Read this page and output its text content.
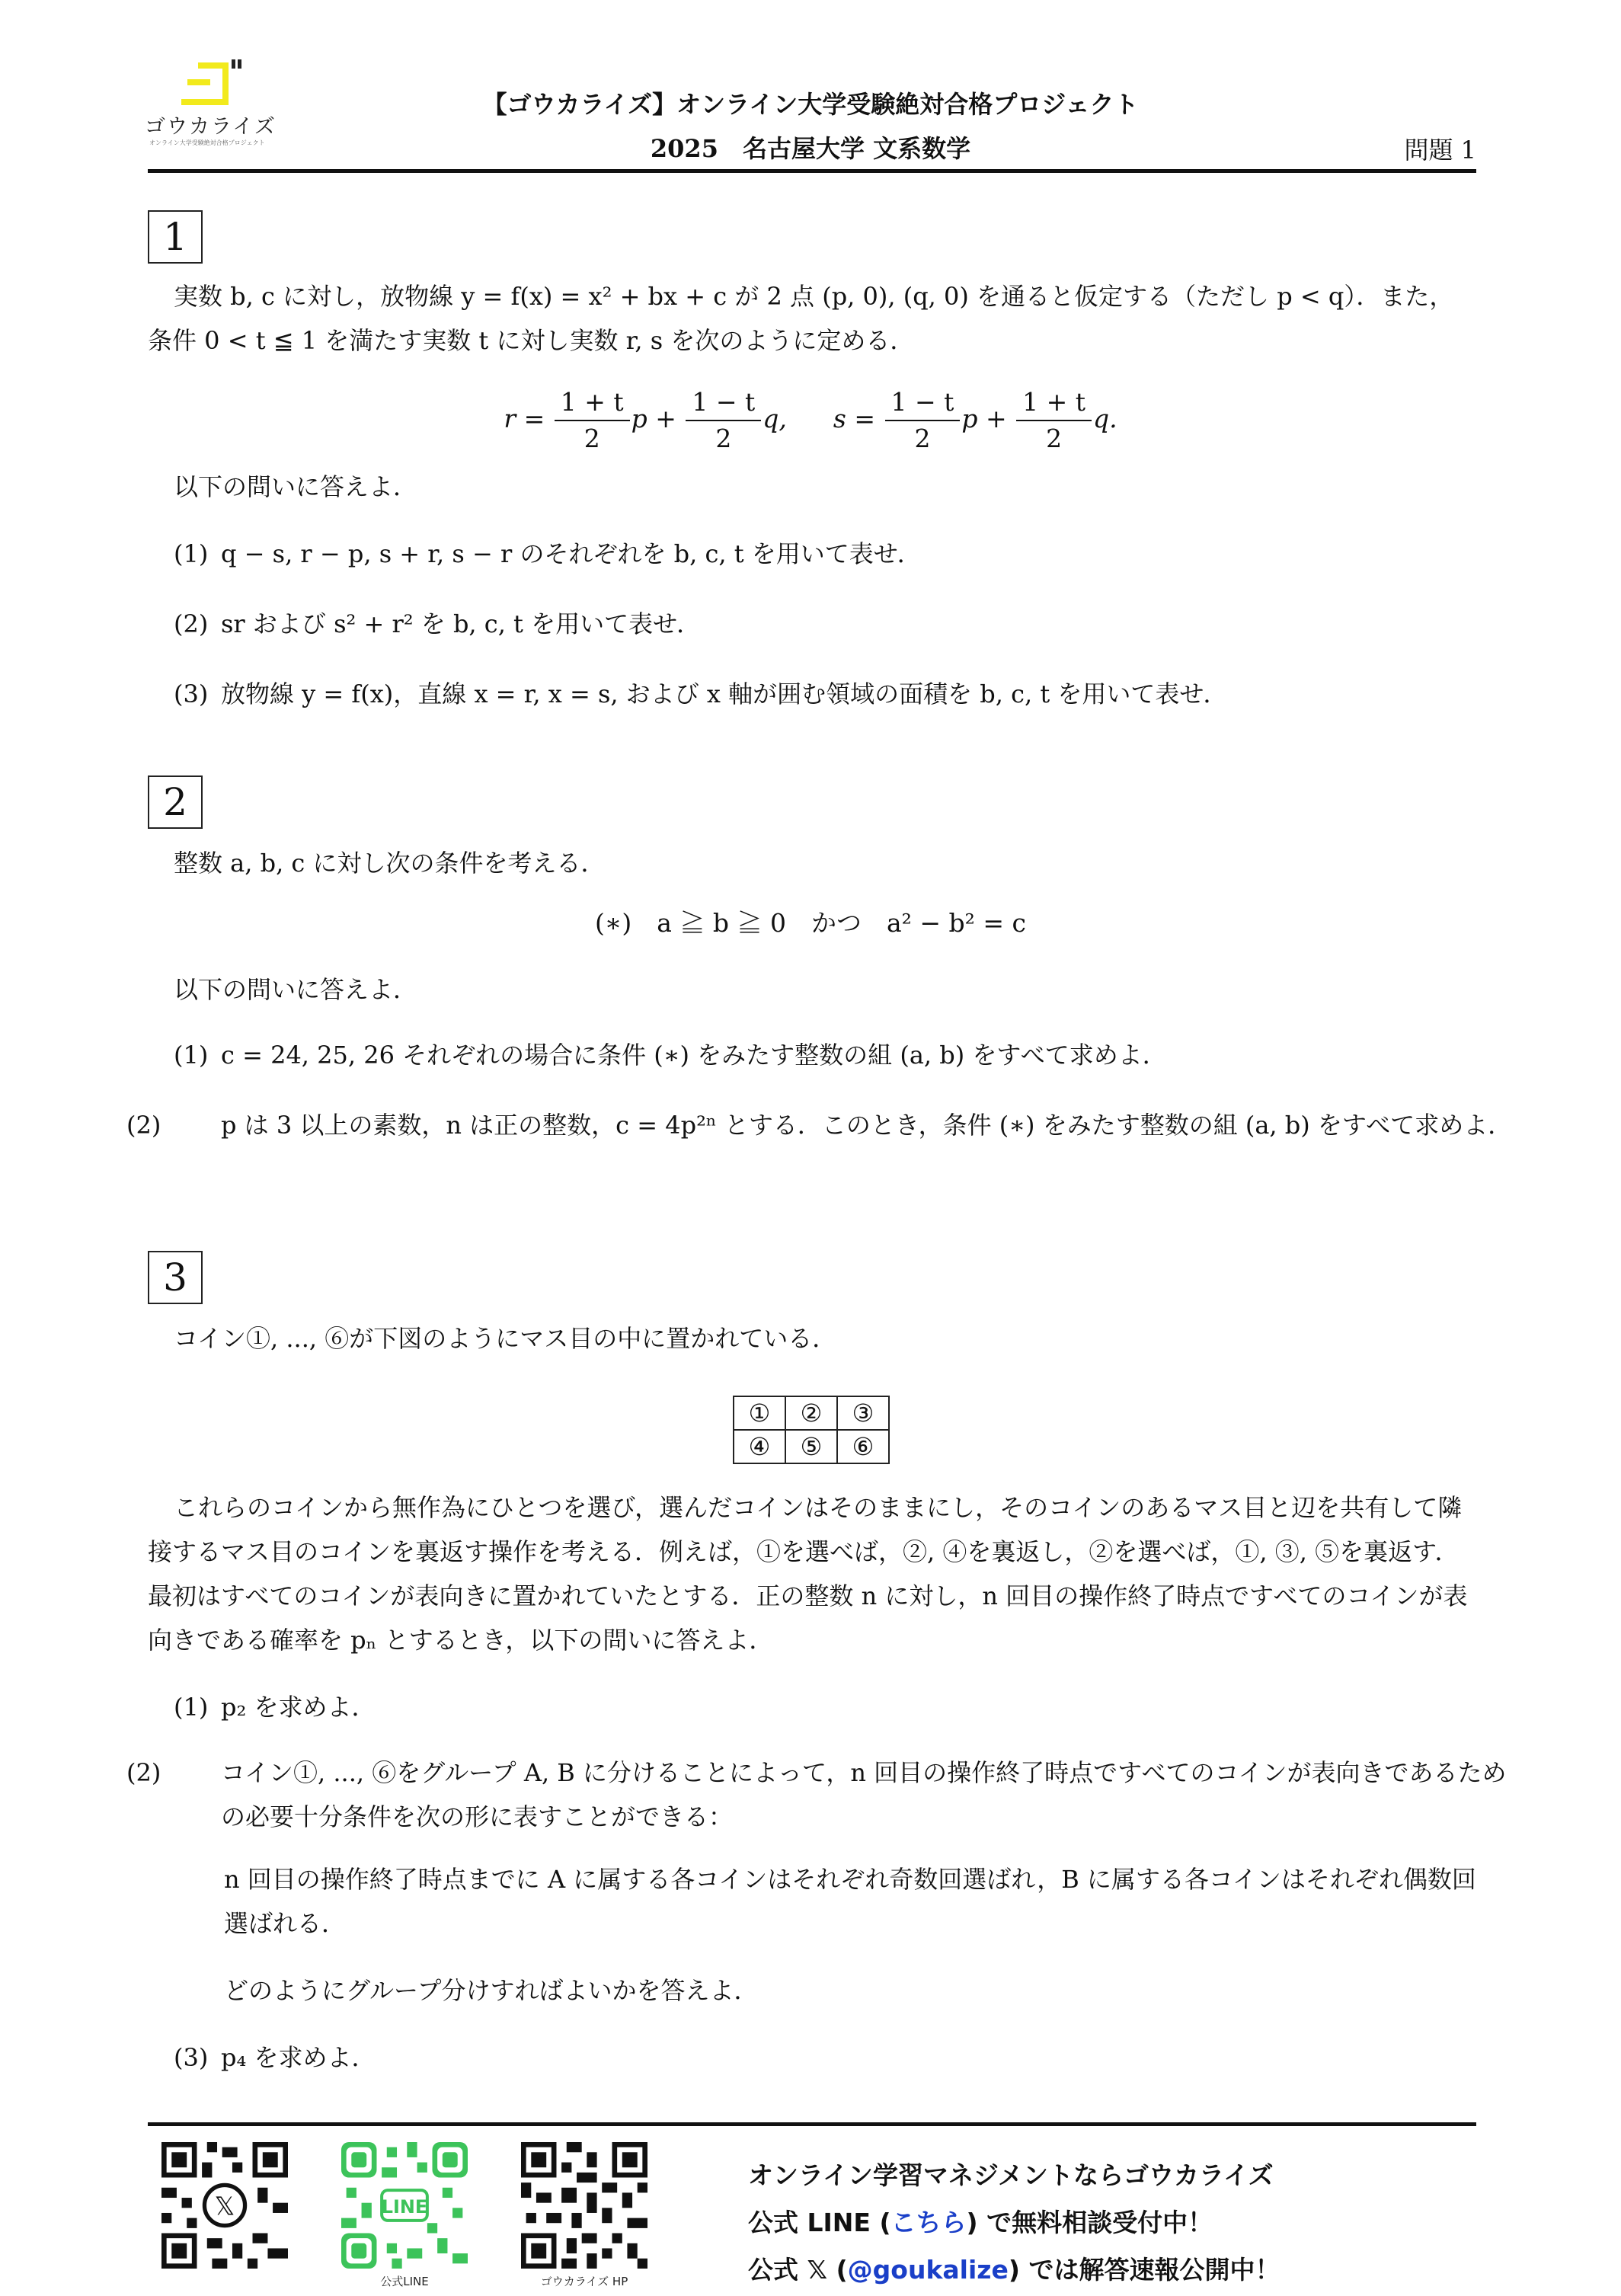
ゴウカライズ
オンライン大学受験絶対合格プロジェクト
【ゴウカライズ】オンライン大学受験絶対合格プロジェクト
2025　名古屋大学 文系数学	問題 1
1
実数 b, c に対し，放物線 y = f(x) = x² + bx + c が 2 点 (p, 0), (q, 0) を通ると仮定する（ただし p < q）．また，
条件 0 < t ≦ 1 を満たす実数 t に対し実数 r, s を次のように定める．
$r = \frac{1 + t}{2}$ $p + \frac{1 - t}{2} q$, $s = \frac{1 - t}{2}$ $p + \frac{1 + t}{2} q$.
以下の問いに答えよ．
(1) q − s, r − p, s + r, s − r のそれぞれを b, c, t を用いて表せ．
(2) sr および s² + r² を b, c, t を用いて表せ．
(3) 放物線 y = f(x)，直線 x = r, x = s, および x 軸が囲む領域の面積を b, c, t を用いて表せ．
2
整数 a, b, c に対し次の条件を考える．
(∗)　a ≧ b ≧ 0　かつ　a² − b² = c
以下の問いに答えよ．
(1) c = 24, 25, 26 それぞれの場合に条件 (∗) をみたす整数の組 (a, b) をすべて求めよ．
(2) p は 3 以上の素数，n は正の整数，c = 4p²ⁿ とする．このとき，条件 (∗) をみたす整数の組 (a, b) をすべて求めよ．
3
コイン①, ..., ⑥が下図のようにマス目の中に置かれている．
①	②	③
④	⑤	⑥
これらのコインから無作為にひとつを選び，選んだコインはそのままにし，そのコインのあるマス目と辺を共有して隣接するマス目のコインを裏返す操作を考える．例えば，①を選べば，②, ④を裏返し，②を選べば，①, ③, ⑤を裏返す．最初はすべてのコインが表向きに置かれていたとする．正の整数 n に対し，n 回目の操作終了時点ですべてのコインが表向きである確率を pₙ とするとき，以下の問いに答えよ．
(1) p₂ を求めよ．
(2) コイン①, ..., ⑥をグループ A, B に分けることによって，n 回目の操作終了時点ですべてのコインが表向きであるための必要十分条件を次の形に表すことができる：
n 回目の操作終了時点までに A に属する各コインはそれぞれ奇数回選ばれ，B に属する各コインはそれぞれ偶数回選ばれる．
どのようにグループ分けすればよいかを答えよ．
(3) p₄ を求めよ．
𝕏	LINE
公式LINE	ゴウカライズ HP
オンライン学習マネジメントならゴウカライズ
公式 LINE (こちら) で無料相談受付中！
公式 𝕏 (@goukalize) では解答速報公開中！
